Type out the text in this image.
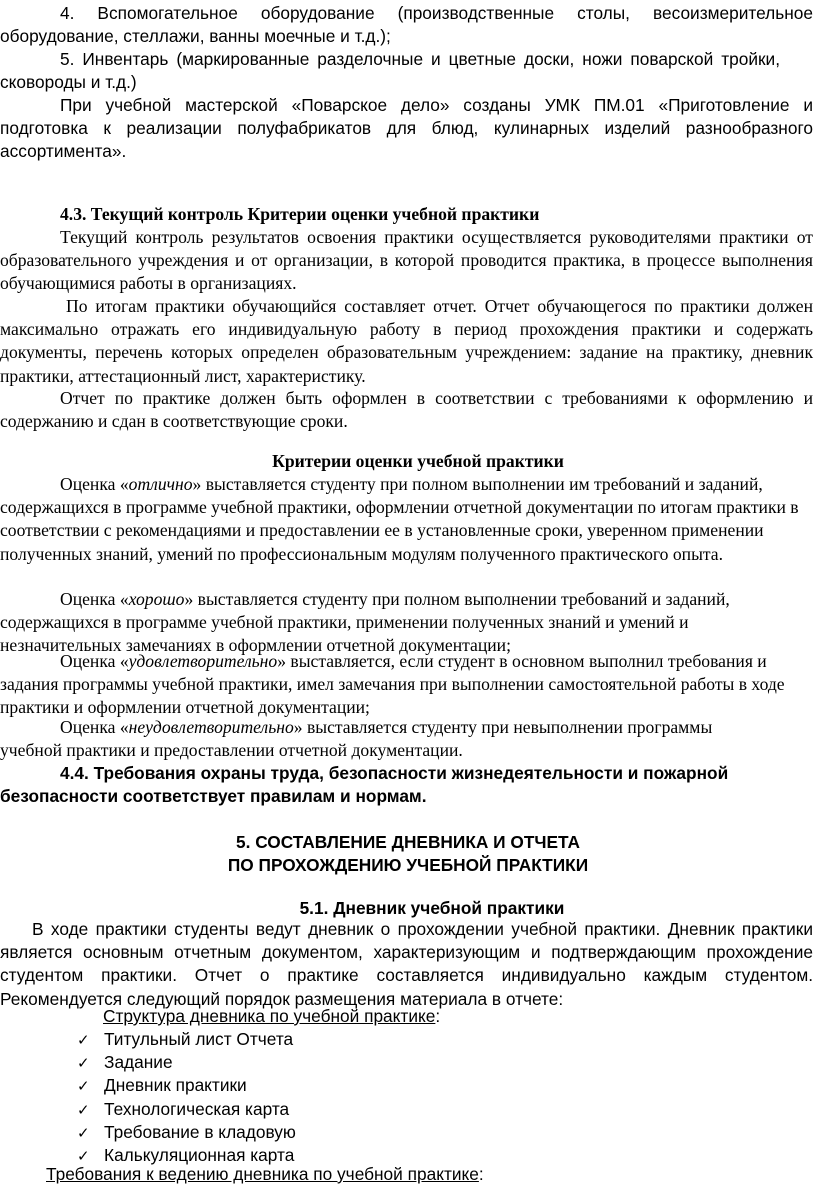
4. Вспомогательное оборудование (производственные столы, весоизмерительное оборудование, стеллажи, ванны моечные и т.д.);

5. Инвентарь (маркированные разделочные и цветные доски, ножи поварской тройки, сковороды и т.д.)

При учебной мастерской «Поварское дело» созданы УМК ПМ.01 «Приготовление и подготовка к реализации полуфабрикатов для блюд, кулинарных изделий разнообразного ассортимента».

4.3. Текущий контроль Критерии оценки учебной практики

Текущий контроль результатов освоения практики осуществляется руководителями практики от образовательного учреждения и от организации, в которой проводится практика, в процессе выполнения обучающимися работы в организациях.

По итогам практики обучающийся составляет отчет. Отчет обучающегося по практики должен максимально отражать его индивидуальную работу в период прохождения практики и содержать документы, перечень которых определен образовательным учреждением: задание на практику, дневник практики, аттестационный лист, характеристику.

Отчет по практике должен быть оформлен в соответствии с требованиями к оформлению и содержанию и сдан в соответствующие сроки.

Критерии оценки учебной практики

Оценка «отлично» выставляется студенту при полном выполнении им требований и заданий, содержащихся в программе учебной практики, оформлении отчетной документации по итогам практики в соответствии с рекомендациями и предоставлении ее в установленные сроки, уверенном применении полученных знаний, умений по профессиональным модулям полученного практического опыта.

Оценка «хорошо» выставляется студенту при полном выполнении требований и заданий, содержащихся в программе учебной практики, применении полученных знаний и умений и незначительных замечаниях в оформлении отчетной документации;

Оценка «удовлетворительно» выставляется, если студент в основном выполнил требования и задания программы учебной практики, имел замечания при выполнении самостоятельной работы в ходе практики и оформлении отчетной документации;

Оценка «неудовлетворительно» выставляется студенту при невыполнении программы учебной практики и предоставлении отчетной документации.

4.4. Требования охраны труда, безопасности жизнедеятельности и пожарной безопасности соответствует правилам и нормам.

5. СОСТАВЛЕНИЕ ДНЕВНИКА И ОТЧЕТА

ПО ПРОХОЖДЕНИЮ УЧЕБНОЙ ПРАКТИКИ

5.1. Дневник учебной практики

В ходе практики студенты ведут дневник о прохождении учебной практики. Дневник практики является основным отчетным документом, характеризующим и подтверждающим прохождение студентом практики. Отчет о практике составляется индивидуально каждым студентом. Рекомендуется следующий порядок размещения материала в отчете:

Структура дневника по учебной практике:

✓ Титульный лист Отчета
✓ Задание
✓ Дневник практики
✓ Технологическая карта
✓ Требование в кладовую
✓ Калькуляционная карта

Требования к ведению дневника по учебной практике:
